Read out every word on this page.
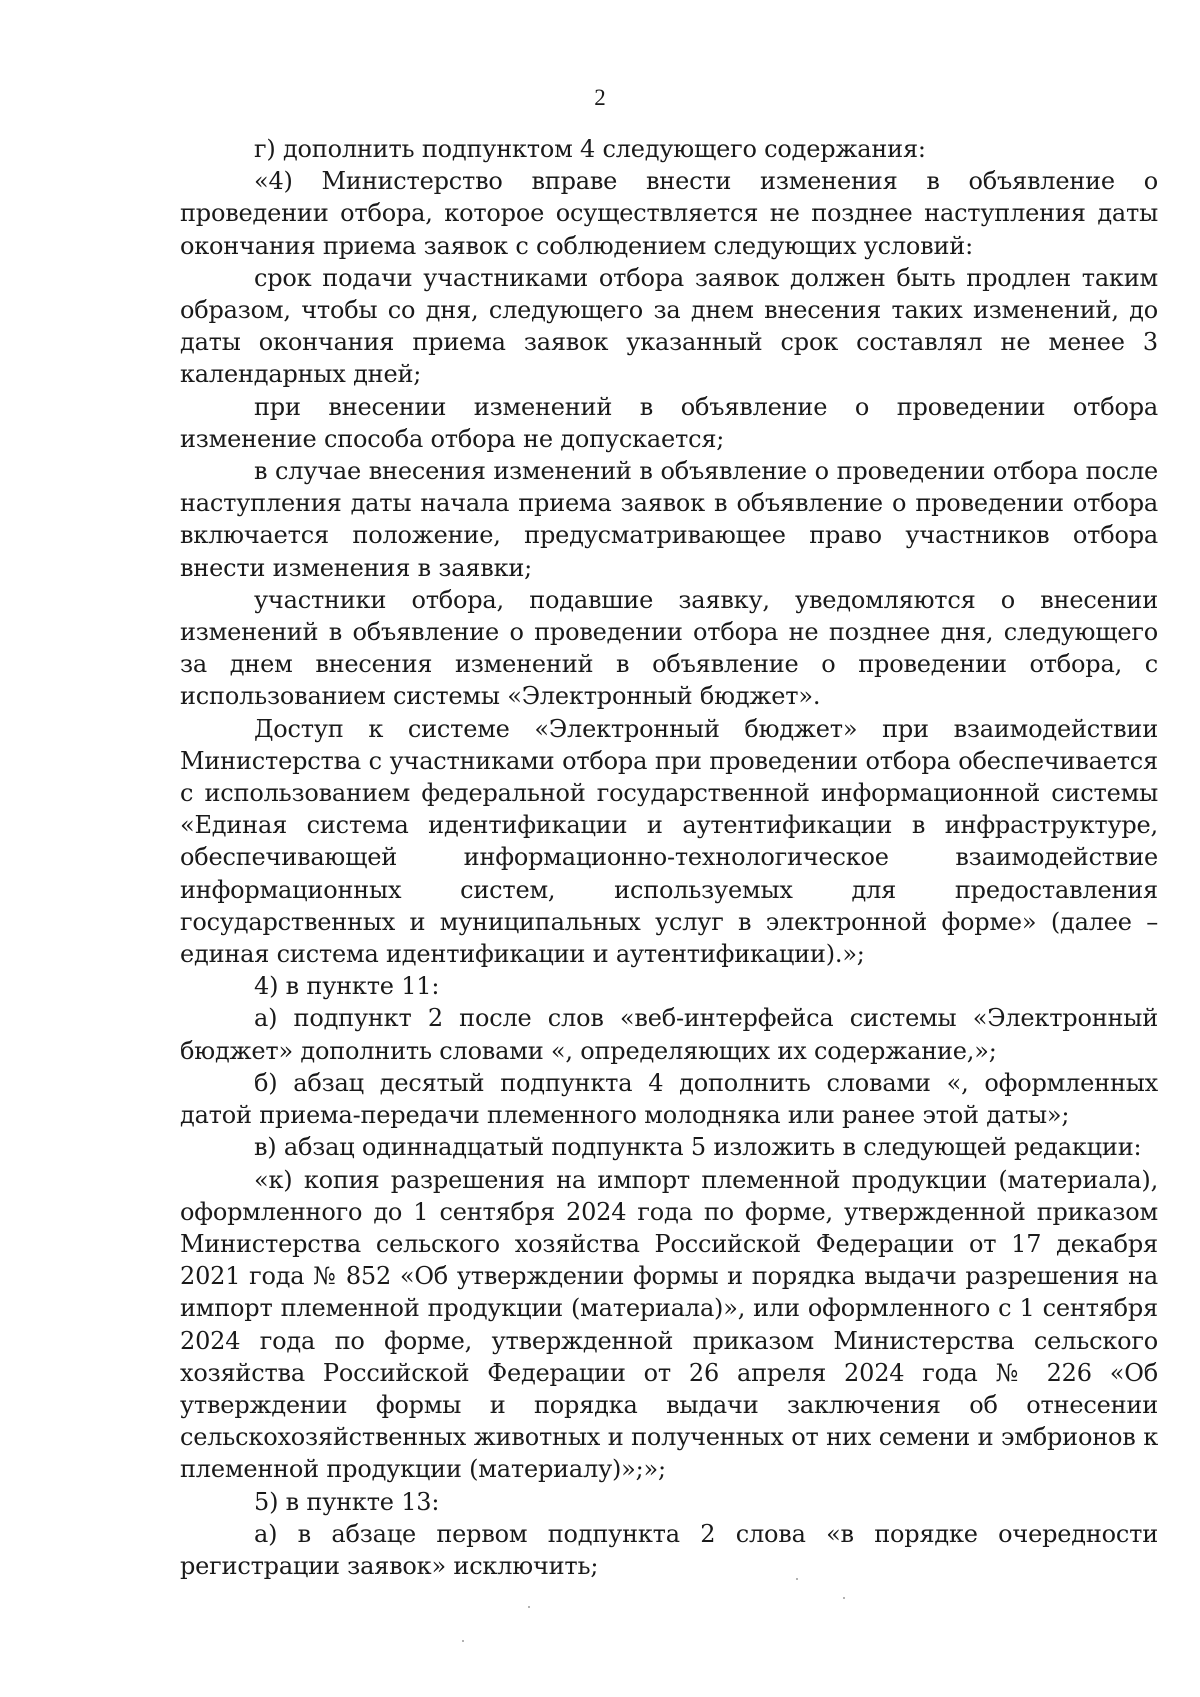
2

г) дополнить подпунктом 4 следующего содержания:

«4) Министерство вправе внести изменения в объявление о проведении отбора, которое осуществляется не позднее наступления даты окончания приема заявок с соблюдением следующих условий:

срок подачи участниками отбора заявок должен быть продлен таким образом, чтобы со дня, следующего за днем внесения таких изменений, до даты окончания приема заявок указанный срок составлял не менее 3 календарных дней;

при внесении изменений в объявление о проведении отбора изменение способа отбора не допускается;

в случае внесения изменений в объявление о проведении отбора после наступления даты начала приема заявок в объявление о проведении отбора включается положение, предусматривающее право участников отбора внести изменения в заявки;

участники отбора, подавшие заявку, уведомляются о внесении изменений в объявление о проведении отбора не позднее дня, следующего за днем внесения изменений в объявление о проведении отбора, с использованием системы «Электронный бюджет».

Доступ к системе «Электронный бюджет» при взаимодействии Министерства с участниками отбора при проведении отбора обеспечивается с использованием федеральной государственной информационной системы «Единая система идентификации и аутентификации в инфраструктуре, обеспечивающей информационно-технологическое взаимодействие информационных систем, используемых для предоставления государственных и муниципальных услуг в электронной форме» (далее – единая система идентификации и аутентификации).»;

4) в пункте 11:

а) подпункт 2 после слов «веб-интерфейса системы «Электронный бюджет» дополнить словами «, определяющих их содержание,»;

б) абзац десятый подпункта 4 дополнить словами «, оформленных датой приема-передачи племенного молодняка или ранее этой даты»;

в) абзац одиннадцатый подпункта 5 изложить в следующей редакции:

«к) копия разрешения на импорт племенной продукции (материала), оформленного до 1 сентября 2024 года по форме, утвержденной приказом Министерства сельского хозяйства Российской Федерации от 17 декабря 2021 года № 852 «Об утверждении формы и порядка выдачи разрешения на импорт племенной продукции (материала)», или оформленного с 1 сентября 2024 года по форме, утвержденной приказом Министерства сельского хозяйства Российской Федерации от 26 апреля 2024 года № 226 «Об утверждении формы и порядка выдачи заключения об отнесении сельскохозяйственных животных и полученных от них семени и эмбрионов к племенной продукции (материалу)»;»;

5) в пункте 13:

а) в абзаце первом подпункта 2 слова «в порядке очередности регистрации заявок» исключить;
